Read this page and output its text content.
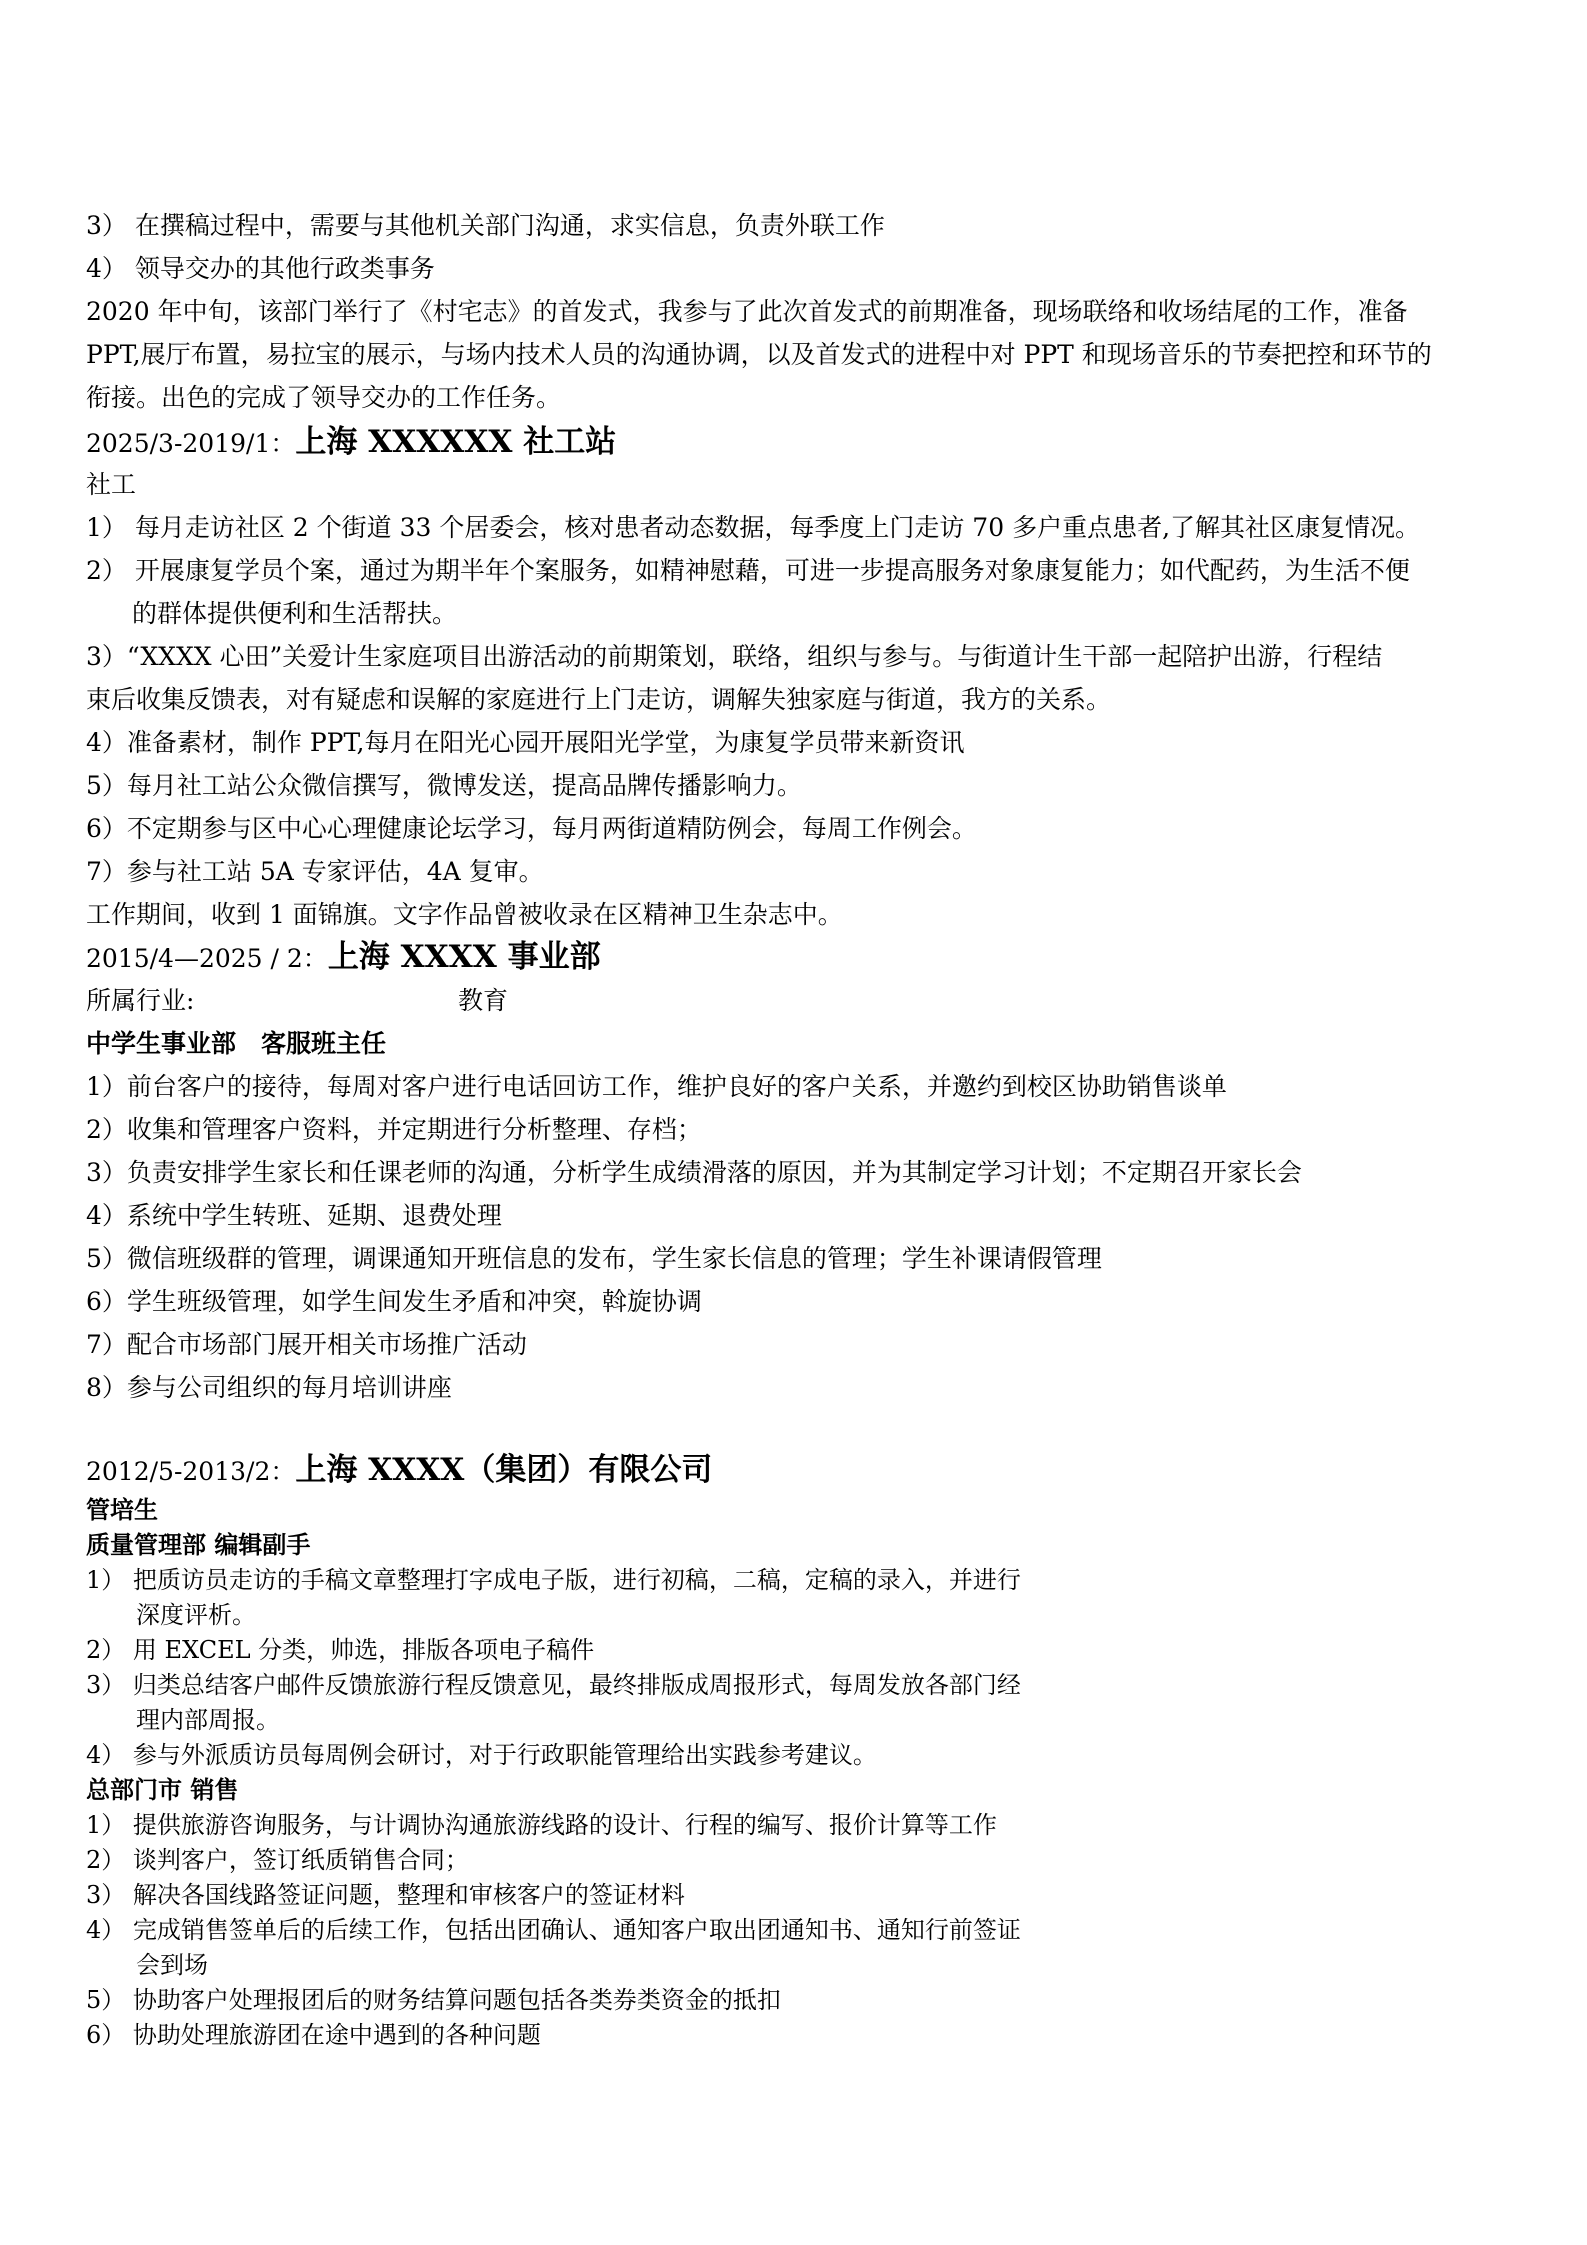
3） 在撰稿过程中，需要与其他机关部门沟通，求实信息，负责外联工作
4） 领导交办的其他行政类事务
2020 年中旬，该部门举行了《村宅志》的首发式，我参与了此次首发式的前期准备，现场联络和收场结尾的工作，准备
PPT,展厅布置，易拉宝的展示，与场内技术人员的沟通协调，以及首发式的进程中对 PPT 和现场音乐的节奏把控和环节的
衔接。出色的完成了领导交办的工作任务。
2025/3-2019/1：上海 XXXXXX 社工站
社工
1） 每月走访社区 2 个街道 33 个居委会，核对患者动态数据，每季度上门走访 70 多户重点患者,了解其社区康复情况。
2） 开展康复学员个案，通过为期半年个案服务，如精神慰藉，可进一步提高服务对象康复能力；如代配药，为生活不便
的群体提供便利和生活帮扶。
3）“XXXX 心田”关爱计生家庭项目出游活动的前期策划，联络，组织与参与。与街道计生干部一起陪护出游，行程结
束后收集反馈表，对有疑虑和误解的家庭进行上门走访，调解失独家庭与街道，我方的关系。
4）准备素材，制作 PPT,每月在阳光心园开展阳光学堂，为康复学员带来新资讯
5）每月社工站公众微信撰写，微博发送，提高品牌传播影响力。
6）不定期参与区中心心理健康论坛学习，每月两街道精防例会，每周工作例会。
7）参与社工站 5A 专家评估，4A 复审。
工作期间，收到 1 面锦旗。文字作品曾被收录在区精神卫生杂志中。
2015/4—2025 / 2：上海 XXXX 事业部
所属行业:	教育
中学生事业部　客服班主任
1）前台客户的接待，每周对客户进行电话回访工作，维护良好的客户关系，并邀约到校区协助销售谈单
2）收集和管理客户资料，并定期进行分析整理、存档；
3）负责安排学生家长和任课老师的沟通，分析学生成绩滑落的原因，并为其制定学习计划；不定期召开家长会
4）系统中学生转班、延期、退费处理
5）微信班级群的管理，调课通知开班信息的发布，学生家长信息的管理；学生补课请假管理
6）学生班级管理，如学生间发生矛盾和冲突，斡旋协调
7）配合市场部门展开相关市场推广活动
8）参与公司组织的每月培训讲座
2012/5-2013/2：上海 XXXX（集团）有限公司
管培生
质量管理部 编辑副手
1） 把质访员走访的手稿文章整理打字成电子版，进行初稿，二稿，定稿的录入，并进行
深度评析。
2） 用 EXCEL 分类，帅选，排版各项电子稿件
3） 归类总结客户邮件反馈旅游行程反馈意见，最终排版成周报形式，每周发放各部门经
理内部周报。
4） 参与外派质访员每周例会研讨，对于行政职能管理给出实践参考建议。
总部门市 销售
1） 提供旅游咨询服务，与计调协沟通旅游线路的设计、行程的编写、报价计算等工作
2） 谈判客户，签订纸质销售合同；
3） 解决各国线路签证问题，整理和审核客户的签证材料
4） 完成销售签单后的后续工作，包括出团确认、通知客户取出团通知书、通知行前签证
会到场
5） 协助客户处理报团后的财务结算问题包括各类券类资金的抵扣
6） 协助处理旅游团在途中遇到的各种问题
